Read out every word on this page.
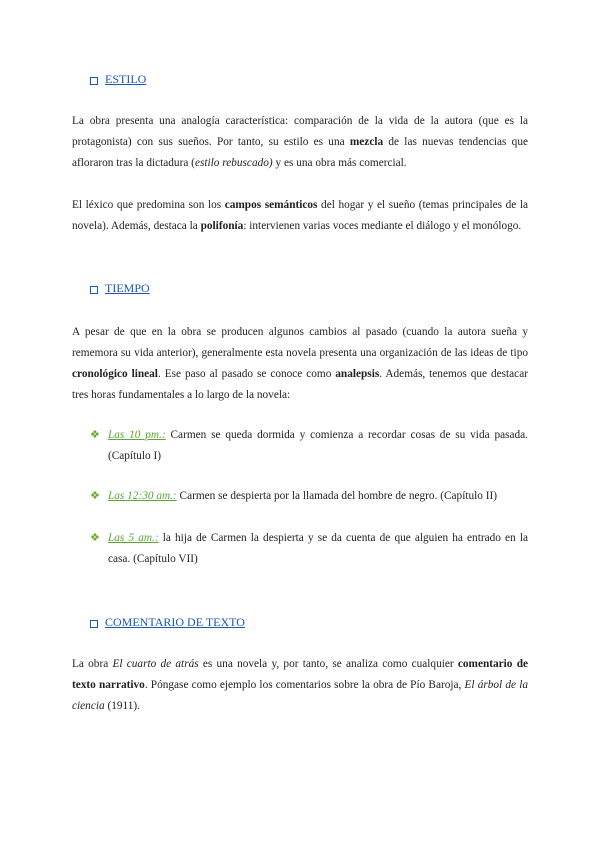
ESTILO
La obra presenta una analogía característica: comparación de la vida de la autora (que es la protagonista) con sus sueños. Por tanto, su estilo es una mezcla de las nuevas tendencias que afloraron tras la dictadura (estilo rebuscado) y es una obra más comercial.
El léxico que predomina son los campos semánticos del hogar y el sueño (temas principales de la novela). Además, destaca la polifonía: intervienen varias voces mediante el diálogo y el monólogo.
TIEMPO
A pesar de que en la obra se producen algunos cambios al pasado (cuando la autora sueña y rememora su vida anterior), generalmente esta novela presenta una organización de las ideas de tipo cronológico lineal. Ese paso al pasado se conoce como analepsis. Además, tenemos que destacar tres horas fundamentales a lo largo de la novela:
❖ Las 10 pm.: Carmen se queda dormida y comienza a recordar cosas de su vida pasada. (Capítulo I)
❖ Las 12:30 am.: Carmen se despierta por la llamada del hombre de negro. (Capítulo II)
❖ Las 5 am.: la hija de Carmen la despierta y se da cuenta de que alguien ha entrado en la casa. (Capítulo VII)
COMENTARIO DE TEXTO
La obra El cuarto de atrás es una novela y, por tanto, se analiza como cualquier comentario de texto narrativo. Póngase como ejemplo los comentarios sobre la obra de Pío Baroja, El árbol de la ciencia (1911).
